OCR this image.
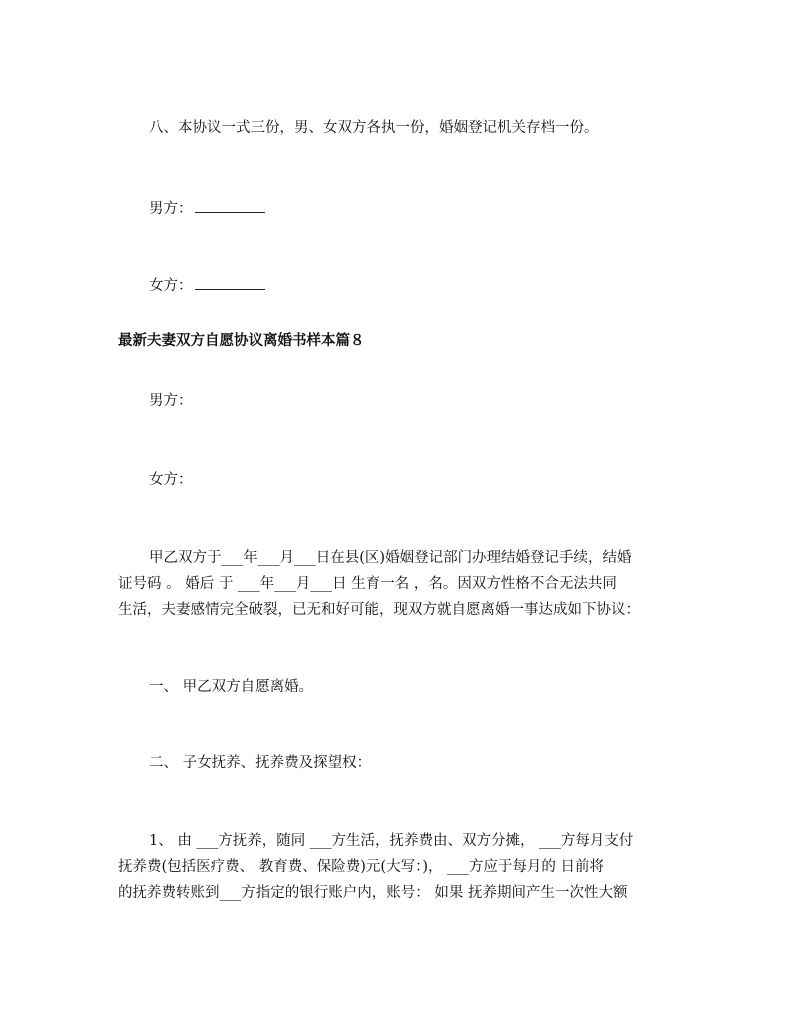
八、本协议一式三份，男、女双方各执一份，婚姻登记机关存档一份。
男方：
女方：
最新夫妻双方自愿协议离婚书样本篇８
男方：
女方：
甲乙双方于___年___月___日在县(区)婚姻登记部门办理结婚登记手续，结婚
证号码 。 婚后 于 ___年___月___日 生育一名 ，名。因双方性格不合无法共同
生活，夫妻感情完全破裂，已无和好可能，现双方就自愿离婚一事达成如下协议：
一、 甲乙双方自愿离婚。
二、 子女抚养、抚养费及探望权：
1、 由 ___方抚养，随同 ___方生活，抚养费由、双方分摊， ___方每月支付
抚养费(包括医疗费、 教育费、保险费)元(大写：)， ___方应于每月的 日前将
的抚养费转账到___方指定的银行账户内，账号： 如果 抚养期间产生一次性大额
